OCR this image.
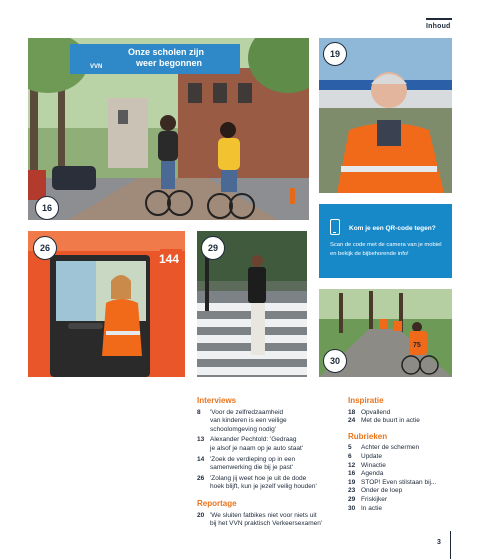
Inhoud
VVN
Onze scholen zijn
weer begonnen
16
19
Kom je een QR-code tegen?
Scan de code met de camera van je mobiel en bekijk de bijbehorende info!
144
26	29
75
30
Interviews
8	'Voor de zelfredzaamheid
van kinderen is een veilige
schoolomgeving nodig'
13 Alexander Pechtold: 'Gedraag
je alsof je naam op je auto staat'
14 'Zoek de verdieping op in een
samenwerking die bij je past'
26 'Zolang jij weet hoe je uit de dode
hoek blijft, kun je jezelf veilig houden'
Reportage
20 'We sluiten fatbikes niet voor niets uit
bij het VVN praktisch Verkeersexamen'
Inspiratie
18 Opvallend
24 Met de buurt in actie
Rubrieken
5	Achter de schermen
6	Update
12 Winactie
16 Agenda
19 STOP! Even stilstaan bij...
23 Onder de loep
29 Friskijker
30 In actie
3
